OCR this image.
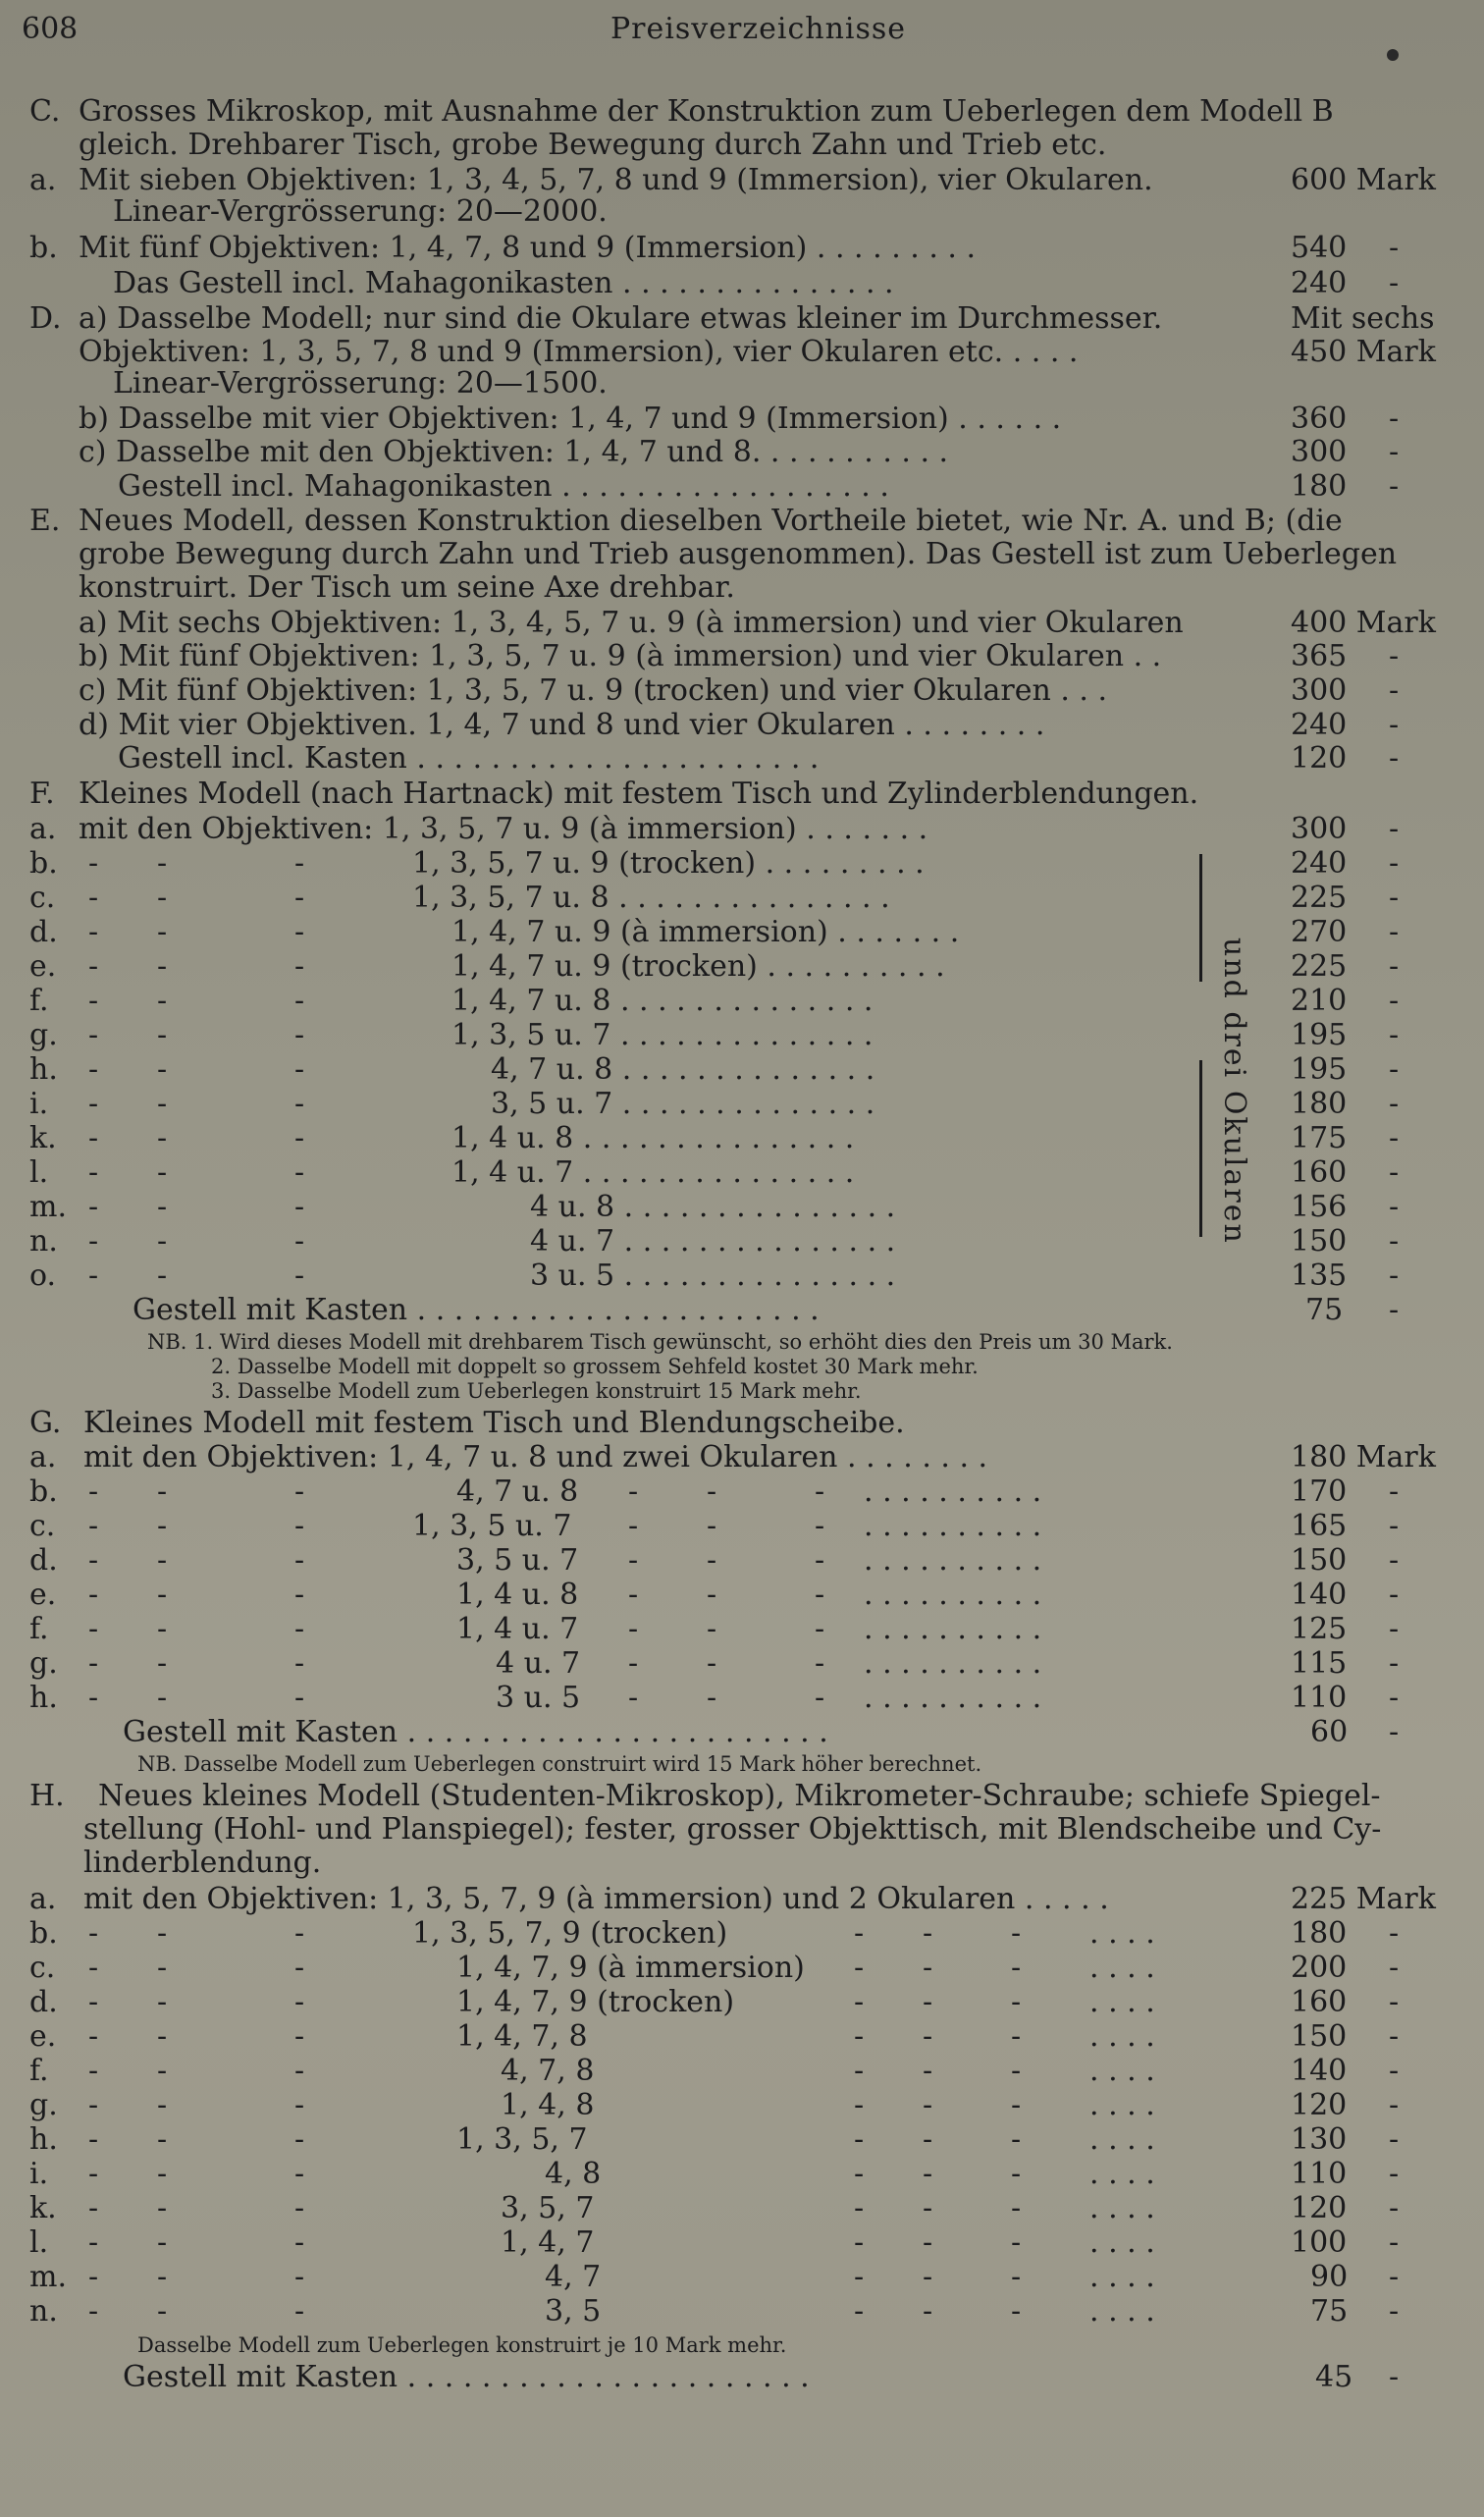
608	Preisverzeichnisse
C. Grosses Mikroskop, mit Ausnahme der Konstruktion zum Ueberlegen dem Modell B
gleich. Drehbarer Tisch, grobe Bewegung durch Zahn und Trieb etc.
a. Mit sieben Objektiven: 1, 3, 4, 5, 7, 8 und 9 (Immersion), vier Okularen.	600 Mark
Linear-Vergrösserung: 20—2000.
b. Mit fünf Objektiven: 1, 4, 7, 8 und 9 (Immersion) . . . . . . . . .	540 -
Das Gestell incl. Mahagonikasten . . . . . . . . . . . . . . .	240 -
D. a) Dasselbe Modell; nur sind die Okulare etwas kleiner im Durchmesser.	Mit sechs
Objektiven: 1, 3, 5, 7, 8 und 9 (Immersion), vier Okularen etc. . . . .	450 Mark
Linear-Vergrösserung: 20—1500.
b) Dasselbe mit vier Objektiven: 1, 4, 7 und 9 (Immersion) . . . . . .	360 -
c) Dasselbe mit den Objektiven: 1, 4, 7 und 8. . . . . . . . . . .	300 -
Gestell incl. Mahagonikasten . . . . . . . . . . . . . . . . . .	180 -
E. Neues Modell, dessen Konstruktion dieselben Vortheile bietet, wie Nr. A. und B; (die
grobe Bewegung durch Zahn und Trieb ausgenommen). Das Gestell ist zum Ueberlegen
konstruirt. Der Tisch um seine Axe drehbar.
a) Mit sechs Objektiven: 1, 3, 4, 5, 7 u. 9 (à immersion) und vier Okularen	400 Mark
b) Mit fünf Objektiven: 1, 3, 5, 7 u. 9 (à immersion) und vier Okularen . .	365 -
c) Mit fünf Objektiven: 1, 3, 5, 7 u. 9 (trocken) und vier Okularen . . .	300 -
d) Mit vier Objektiven. 1, 4, 7 und 8 und vier Okularen . . . . . . . .	240 -
Gestell incl. Kasten . . . . . . . . . . . . . . . . . . . . . .	120 -
F. Kleines Modell (nach Hartnack) mit festem Tisch und Zylinderblendungen.
a. mit den Objektiven: 1, 3, 5, 7 u. 9 (à immersion) . . . . . . .	300 -
b. - -	-	1, 3, 5, 7 u. 9 (trocken) . . . . . . . . .	240 -
c. - -	-	1, 3, 5, 7 u. 8 . . . . . . . . . . . . . . .	225 -
d. - -	-	1, 4, 7 u. 9 (à immersion) . . . . . . .	270 -
e. - -	-	1, 4, 7 u. 9 (trocken) . . . . . . . . . .	225 -
f. - -	-	1, 4, 7 u. 8 . . . . . . . . . . . . . .	210 -
g. - -	-	1, 3, 5 u. 7 . . . . . . . . . . . . . .	195 -
h. - -	-	4, 7 u. 8 . . . . . . . . . . . . . .	195 -
i. - -	-	3, 5 u. 7 . . . . . . . . . . . . . .	180 -
k. - -	-	1, 4 u. 8 . . . . . . . . . . . . . . .	175 -
l. - -	-	1, 4 u. 7 . . . . . . . . . . . . . . .	160 -
m. - -	-	4 u. 8 . . . . . . . . . . . . . . .	156 -
n. - -	-	4 u. 7 . . . . . . . . . . . . . . .	150 -
o. - -	-	3 u. 5 . . . . . . . . . . . . . . .	135 -
Gestell mit Kasten . . . . . . . . . . . . . . . . . . . . . .	75 -
NB. 1. Wird dieses Modell mit drehbarem Tisch gewünscht, so erhöht dies den Preis um 30 Mark.
2. Dasselbe Modell mit doppelt so grossem Sehfeld kostet 30 Mark mehr.
3. Dasselbe Modell zum Ueberlegen konstruirt 15 Mark mehr.
G. Kleines Modell mit festem Tisch und Blendungscheibe.
a. mit den Objektiven: 1, 4, 7 u. 8 und zwei Okularen . . . . . . . .	180 Mark
b. - -	-	4, 7 u. 8 - -	- . . . . . . . . . .	170 -
c. - -	-	1, 3, 5 u. 7 - -	- . . . . . . . . . .	165 -
d. - -	-	3, 5 u. 7 - -	- . . . . . . . . . .	150 -
e. - -	-	1, 4 u. 8 - -	- . . . . . . . . . .	140 -
f. - -	-	1, 4 u. 7 - -	- . . . . . . . . . .	125 -
g. - -	-	4 u. 7 - -	- . . . . . . . . . .	115 -
h. - -	-	3 u. 5 - -	- . . . . . . . . . .	110 -
Gestell mit Kasten . . . . . . . . . . . . . . . . . . . . . . .	60 -
NB. Dasselbe Modell zum Ueberlegen construirt wird 15 Mark höher berechnet.
H. Neues kleines Modell (Studenten-Mikroskop), Mikrometer-Schraube; schiefe Spiegel-
stellung (Hohl- und Planspiegel); fester, grosser Objekttisch, mit Blendscheibe und Cy-
linderblendung.
a. mit den Objektiven: 1, 3, 5, 7, 9 (à immersion) und 2 Okularen . . . . .	225 Mark
b. - -	-	1, 3, 5, 7, 9 (trocken)	- -	- . . . .	180 -
c. - -	-	1, 4, 7, 9 (à immersion) - -	- . . . .	200 -
d. - -	-	1, 4, 7, 9 (trocken)	- -	- . . . .	160 -
e. - -	-	1, 4, 7, 8	- -	- . . . .	150 -
f. - -	-	4, 7, 8	- -	- . . . .	140 -
g. - -	-	1, 4, 8	- -	- . . . .	120 -
h. - -	-	1, 3, 5, 7	- -	- . . . .	130 -
i. - -	-	4, 8	- -	- . . . .	110 -
k. - -	-	3, 5, 7	- -	- . . . .	120 -
l. - -	-	1, 4, 7	- -	- . . . .	100 -
m. - -	-	4, 7	- -	- . . . .	90 -
n. - -	-	3, 5	- -	- . . . .	75 -
Dasselbe Modell zum Ueberlegen konstruirt je 10 Mark mehr.
Gestell mit Kasten . . . . . . . . . . . . . . . . . . . . . .	45 -
und drei Okularen
